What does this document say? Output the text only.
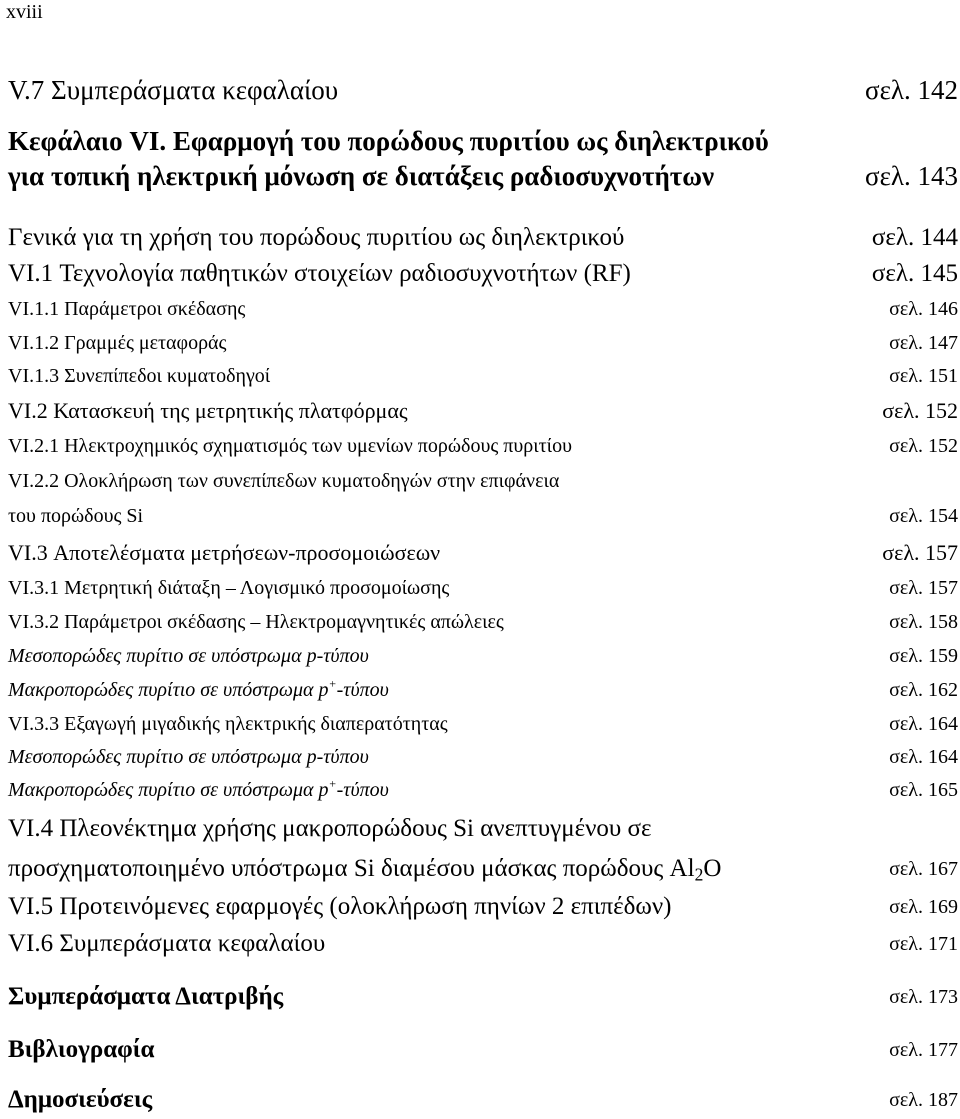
xviii
V.7 Συμπεράσματα κεφαλαίου	σελ. 142
Κεφάλαιο VI. Εφαρμογή του πορώδους πυριτίου ως διηλεκτρικού
για τοπική ηλεκτρική μόνωση σε διατάξεις ραδιοσυχνοτήτων	σελ. 143
Γενικά για τη χρήση του πορώδους πυριτίου ως διηλεκτρικού	σελ. 144
VI.1 Τεχνολογία παθητικών στοιχείων ραδιοσυχνοτήτων (RF)	σελ. 145
VI.1.1 Παράμετροι σκέδασης	σελ. 146
VI.1.2 Γραμμές μεταφοράς	σελ. 147
VI.1.3 Συνεπίπεδοι κυματοδηγοί	σελ. 151
VI.2 Κατασκευή της μετρητικής πλατφόρμας	σελ. 152
VI.2.1 Ηλεκτροχημικός σχηματισμός των υμενίων πορώδους πυριτίου	σελ. 152
VI.2.2 Ολοκλήρωση των συνεπίπεδων κυματοδηγών στην επιφάνεια
του πορώδους Si	σελ. 154
VI.3 Αποτελέσματα μετρήσεων-προσομοιώσεων	σελ. 157
VI.3.1 Μετρητική διάταξη – Λογισμικό προσομοίωσης	σελ. 157
VI.3.2 Παράμετροι σκέδασης – Ηλεκτρομαγνητικές απώλειες	σελ. 158
Μεσοπορώδες πυρίτιο σε υπόστρωμα p-τύπου	σελ. 159
Μακροπορώδες πυρίτιο σε υπόστρωμα p+-τύπου	σελ. 162
VI.3.3 Εξαγωγή μιγαδικής ηλεκτρικής διαπερατότητας	σελ. 164
Μεσοπορώδες πυρίτιο σε υπόστρωμα p-τύπου	σελ. 164
Μακροπορώδες πυρίτιο σε υπόστρωμα p+-τύπου	σελ. 165
VI.4 Πλεονέκτημα χρήσης μακροπορώδους Si ανεπτυγμένου σε
προσχηματοποιημένο υπόστρωμα Si διαμέσου μάσκας πορώδους $Al_2O$	σελ. 167
VI.5 Προτεινόμενες εφαρμογές (ολοκλήρωση πηνίων 2 επιπέδων)	σελ. 169
VI.6 Συμπεράσματα κεφαλαίου	σελ. 171
Συμπεράσματα Διατριβής	σελ. 173
Βιβλιογραφία	σελ. 177
Δημοσιεύσεις	σελ. 187
